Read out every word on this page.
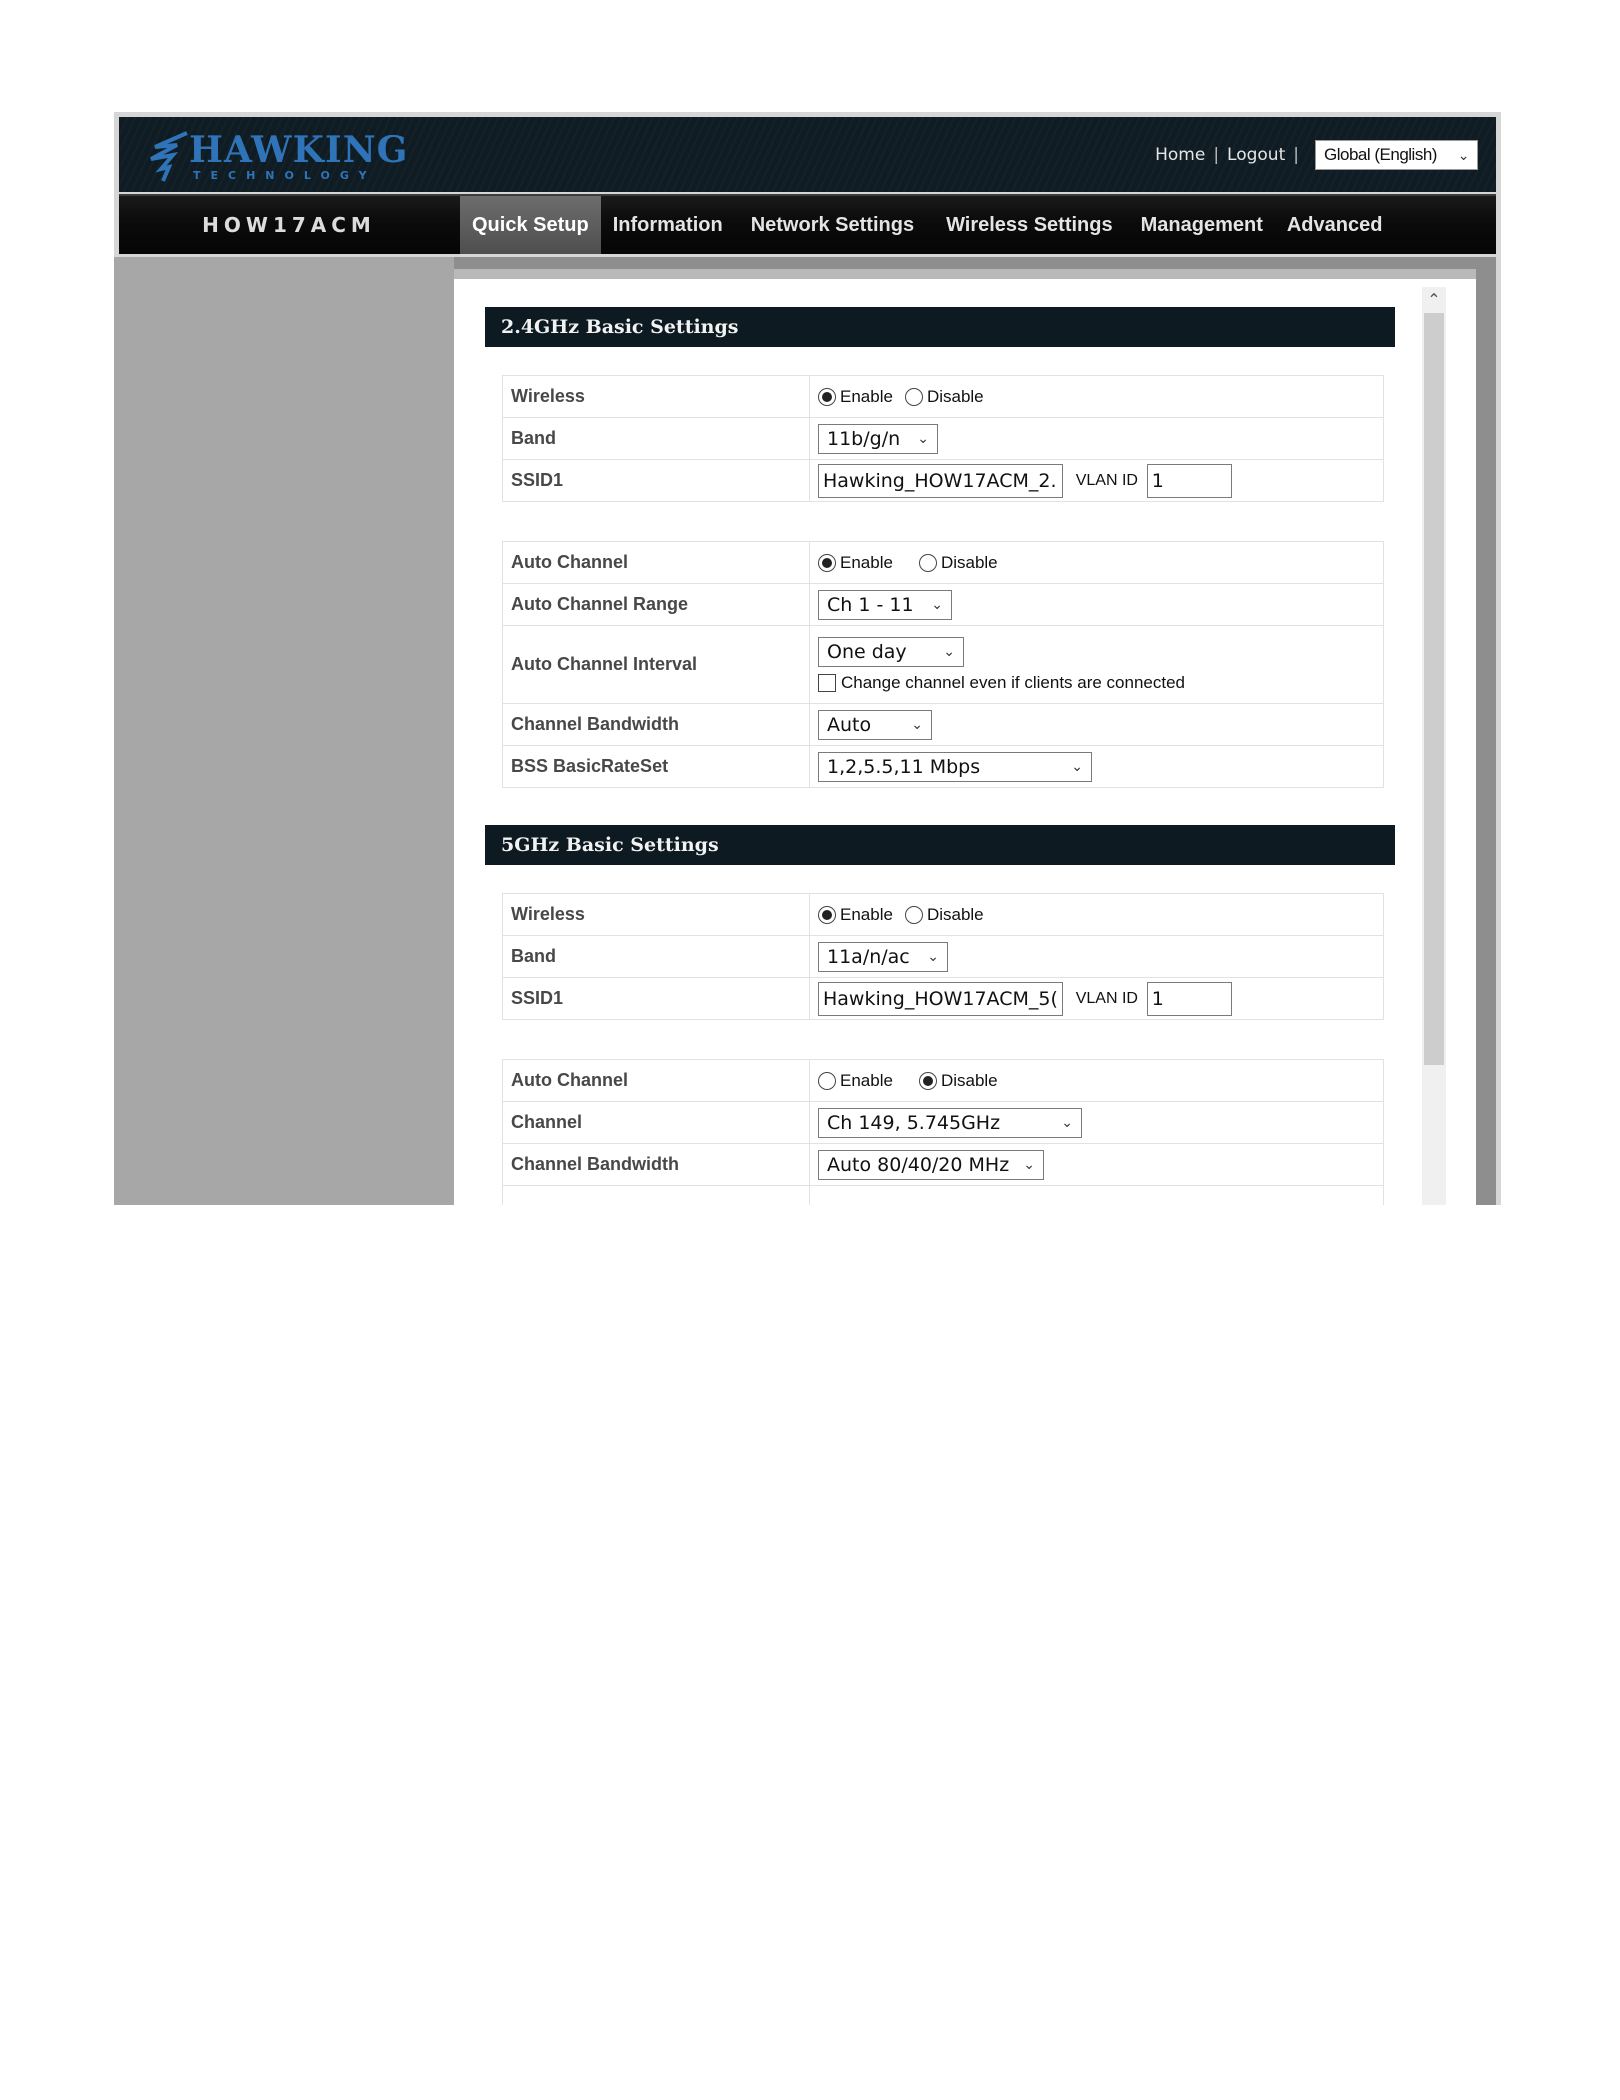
HAWKING
TECHNOLOGY
Home | Logout | Global (English) ⌄
HOW17ACM	Quick Setup	Information	Network Settings	Wireless Settings	Management	Advanced
⌃
2.4GHz Basic Settings
Wireless	Enable Disable

Band	11b/g/n ⌄

SSID1	Hawking_HOW17ACM_2. VLAN ID 1
Auto Channel	Enable Disable

Auto Channel Range	Ch 1 - 11 ⌄

Auto Channel Interval	One day ⌄
Change channel even if clients are connected

Channel Bandwidth	Auto ⌄

BSS BasicRateSet	1,2,5.5,11 Mbps ⌄
5GHz Basic Settings
Wireless	Enable Disable

Band	11a/n/ac ⌄

SSID1	Hawking_HOW17ACM_5( VLAN ID 1
Auto Channel	Enable Disable

Channel	Ch 149, 5.745GHz ⌄

Channel Bandwidth	Auto 80/40/20 MHz ⌄
